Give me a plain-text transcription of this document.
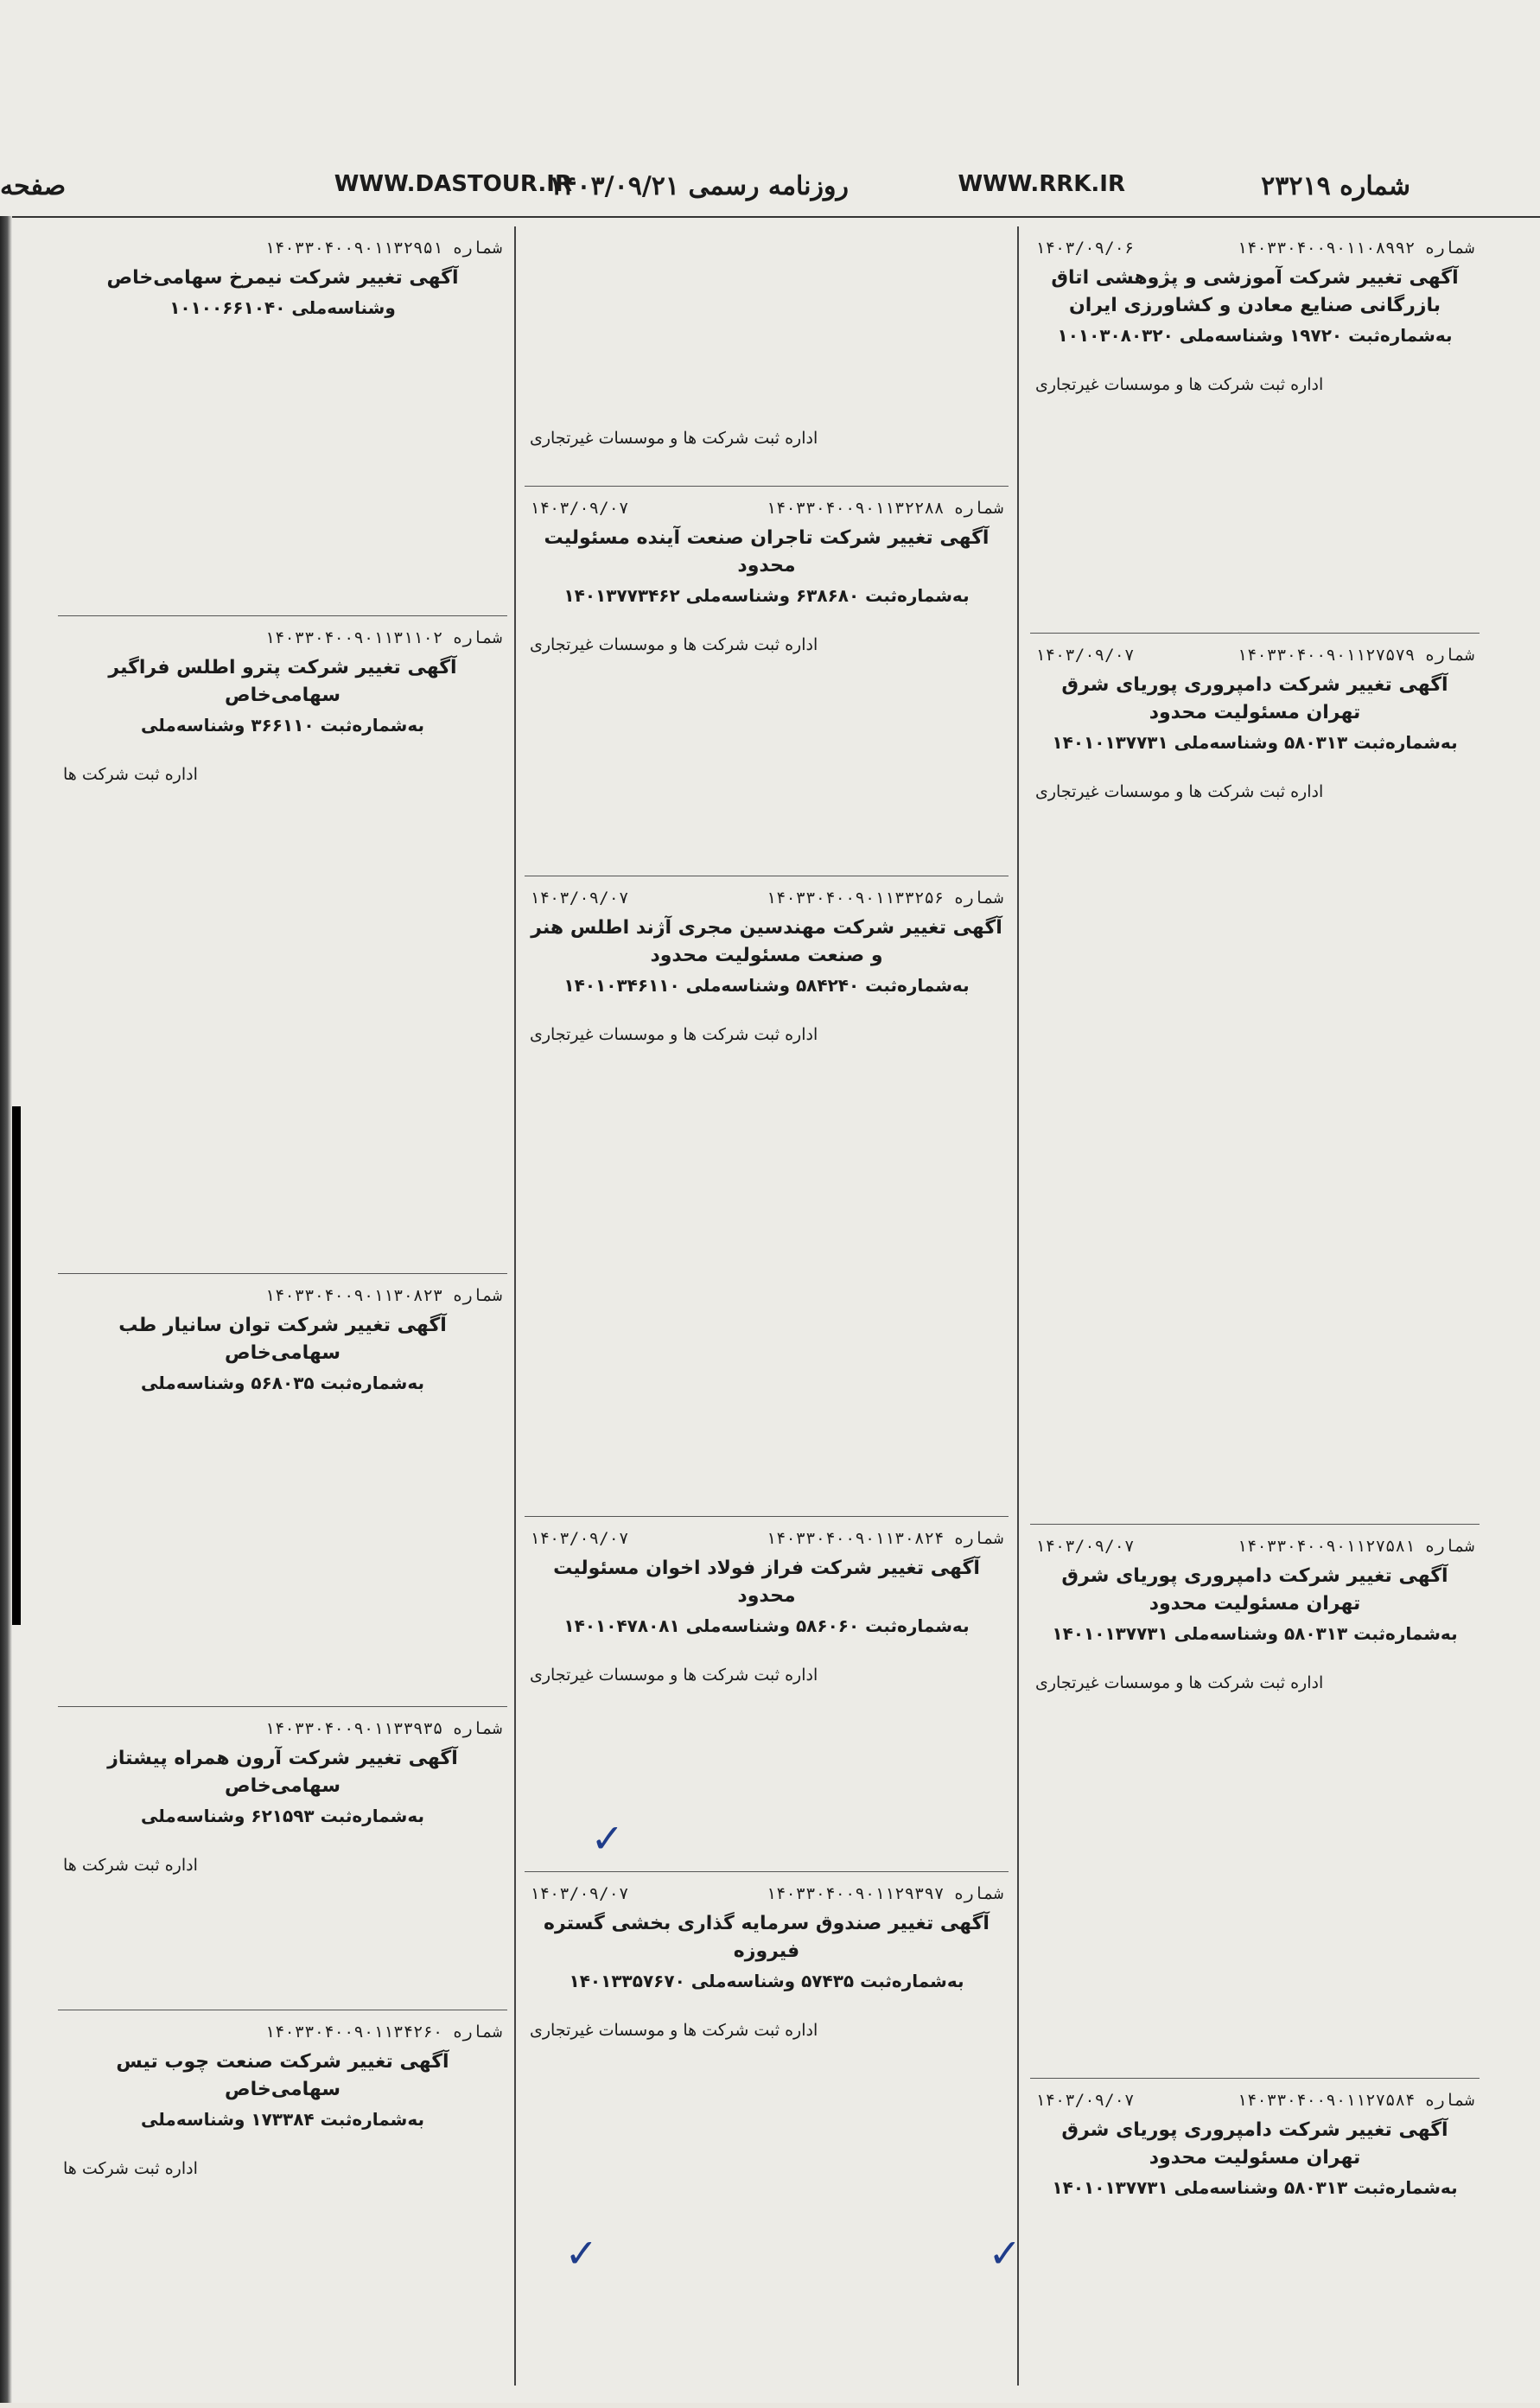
شماره ۲۳۲۱۹
WWW.RRK.IR
روزنامه رسمی ۱۴۰۳/۰۹/۲۱
WWW.DASTOUR.IR
صفحه
شماره ۱۴۰۳۳۰۴۰۰۹۰۱۱۰۸۹۹۲
۱۴۰۳/۰۹/۰۶
آگهی تغییر شرکت آموزشی و پژوهشی اتاق بازرگانی صنایع معادن و کشاورزی ایران
به‌شماره‌ثبت ۱۹۷۲۰ وشناسه‌ملی ۱۰۱۰۳۰۸۰۳۲۰
اداره ثبت شرکت ها و موسسات غیرتجاری
شماره ۱۴۰۳۳۰۴۰۰۹۰۱۱۲۷۵۷۹
۱۴۰۳/۰۹/۰۷
آگهی تغییر شرکت دامپروری پوریای شرق تهران مسئولیت محدود
به‌شماره‌ثبت ۵۸۰۳۱۳ وشناسه‌ملی ۱۴۰۱۰۱۳۷۷۳۱
اداره ثبت شرکت ها و موسسات غیرتجاری
شماره ۱۴۰۳۳۰۴۰۰۹۰۱۱۲۷۵۸۱
۱۴۰۳/۰۹/۰۷
آگهی تغییر شرکت دامپروری پوریای شرق تهران مسئولیت محدود
به‌شماره‌ثبت ۵۸۰۳۱۳ وشناسه‌ملی ۱۴۰۱۰۱۳۷۷۳۱
اداره ثبت شرکت ها و موسسات غیرتجاری
شماره ۱۴۰۳۳۰۴۰۰۹۰۱۱۲۷۵۸۴
۱۴۰۳/۰۹/۰۷
آگهی تغییر شرکت دامپروری پوریای شرق تهران مسئولیت محدود
به‌شماره‌ثبت ۵۸۰۳۱۳ وشناسه‌ملی ۱۴۰۱۰۱۳۷۷۳۱
اداره ثبت شرکت ها و موسسات غیرتجاری
شماره ۱۴۰۳۳۰۴۰۰۹۰۱۱۳۲۲۸۸
۱۴۰۳/۰۹/۰۷
آگهی تغییر شرکت تاجران صنعت آینده مسئولیت محدود
به‌شماره‌ثبت ۶۳۸۶۸۰ وشناسه‌ملی ۱۴۰۱۳۷۷۳۴۶۲
اداره ثبت شرکت ها و موسسات غیرتجاری
شماره ۱۴۰۳۳۰۴۰۰۹۰۱۱۳۳۲۵۶
۱۴۰۳/۰۹/۰۷
آگهی تغییر شرکت مهندسین مجری آژند اطلس هنر و صنعت مسئولیت محدود
به‌شماره‌ثبت ۵۸۴۲۴۰ وشناسه‌ملی ۱۴۰۱۰۳۴۶۱۱۰
اداره ثبت شرکت ها و موسسات غیرتجاری
شماره ۱۴۰۳۳۰۴۰۰۹۰۱۱۳۰۸۲۴
۱۴۰۳/۰۹/۰۷
آگهی تغییر شرکت فراز فولاد اخوان مسئولیت محدود
به‌شماره‌ثبت ۵۸۶۰۶۰ وشناسه‌ملی ۱۴۰۱۰۴۷۸۰۸۱
اداره ثبت شرکت ها و موسسات غیرتجاری
شماره ۱۴۰۳۳۰۴۰۰۹۰۱۱۲۹۳۹۷
۱۴۰۳/۰۹/۰۷
آگهی تغییر صندوق سرمایه گذاری بخشی گستره فیروزه
به‌شماره‌ثبت ۵۷۴۳۵ وشناسه‌ملی ۱۴۰۱۳۳۵۷۶۷۰
اداره ثبت شرکت ها و موسسات غیرتجاری
شماره ۱۴۰۳۳۰۴۰۰۹۰۱۱۳۲۹۵۱
آگهی تغییر شرکت نیمرخ سهامی‌خاص
وشناسه‌ملی ۱۰۱۰۰۶۶۱۰۴۰
شماره ۱۴۰۳۳۰۴۰۰۹۰۱۱۳۱۱۰۲
آگهی تغییر شرکت پترو اطلس فراگیر سهامی‌خاص
به‌شماره‌ثبت ۳۶۶۱۱۰ وشناسه‌ملی
اداره ثبت شرکت ها
شماره ۱۴۰۳۳۰۴۰۰۹۰۱۱۳۰۸۲۳
آگهی تغییر شرکت توان سانیار طب سهامی‌خاص
به‌شماره‌ثبت ۵۶۸۰۳۵ وشناسه‌ملی
شماره ۱۴۰۳۳۰۴۰۰۹۰۱۱۳۳۹۳۵
آگهی تغییر شرکت آرون همراه پیشتاز سهامی‌خاص
به‌شماره‌ثبت ۶۲۱۵۹۳ وشناسه‌ملی
اداره ثبت شرکت ها
شماره ۱۴۰۳۳۰۴۰۰۹۰۱۱۳۴۲۶۰
آگهی تغییر شرکت صنعت چوب تیس سهامی‌خاص
به‌شماره‌ثبت ۱۷۳۳۸۴ وشناسه‌ملی
اداره ثبت شرکت ها
✓
✓
✓
